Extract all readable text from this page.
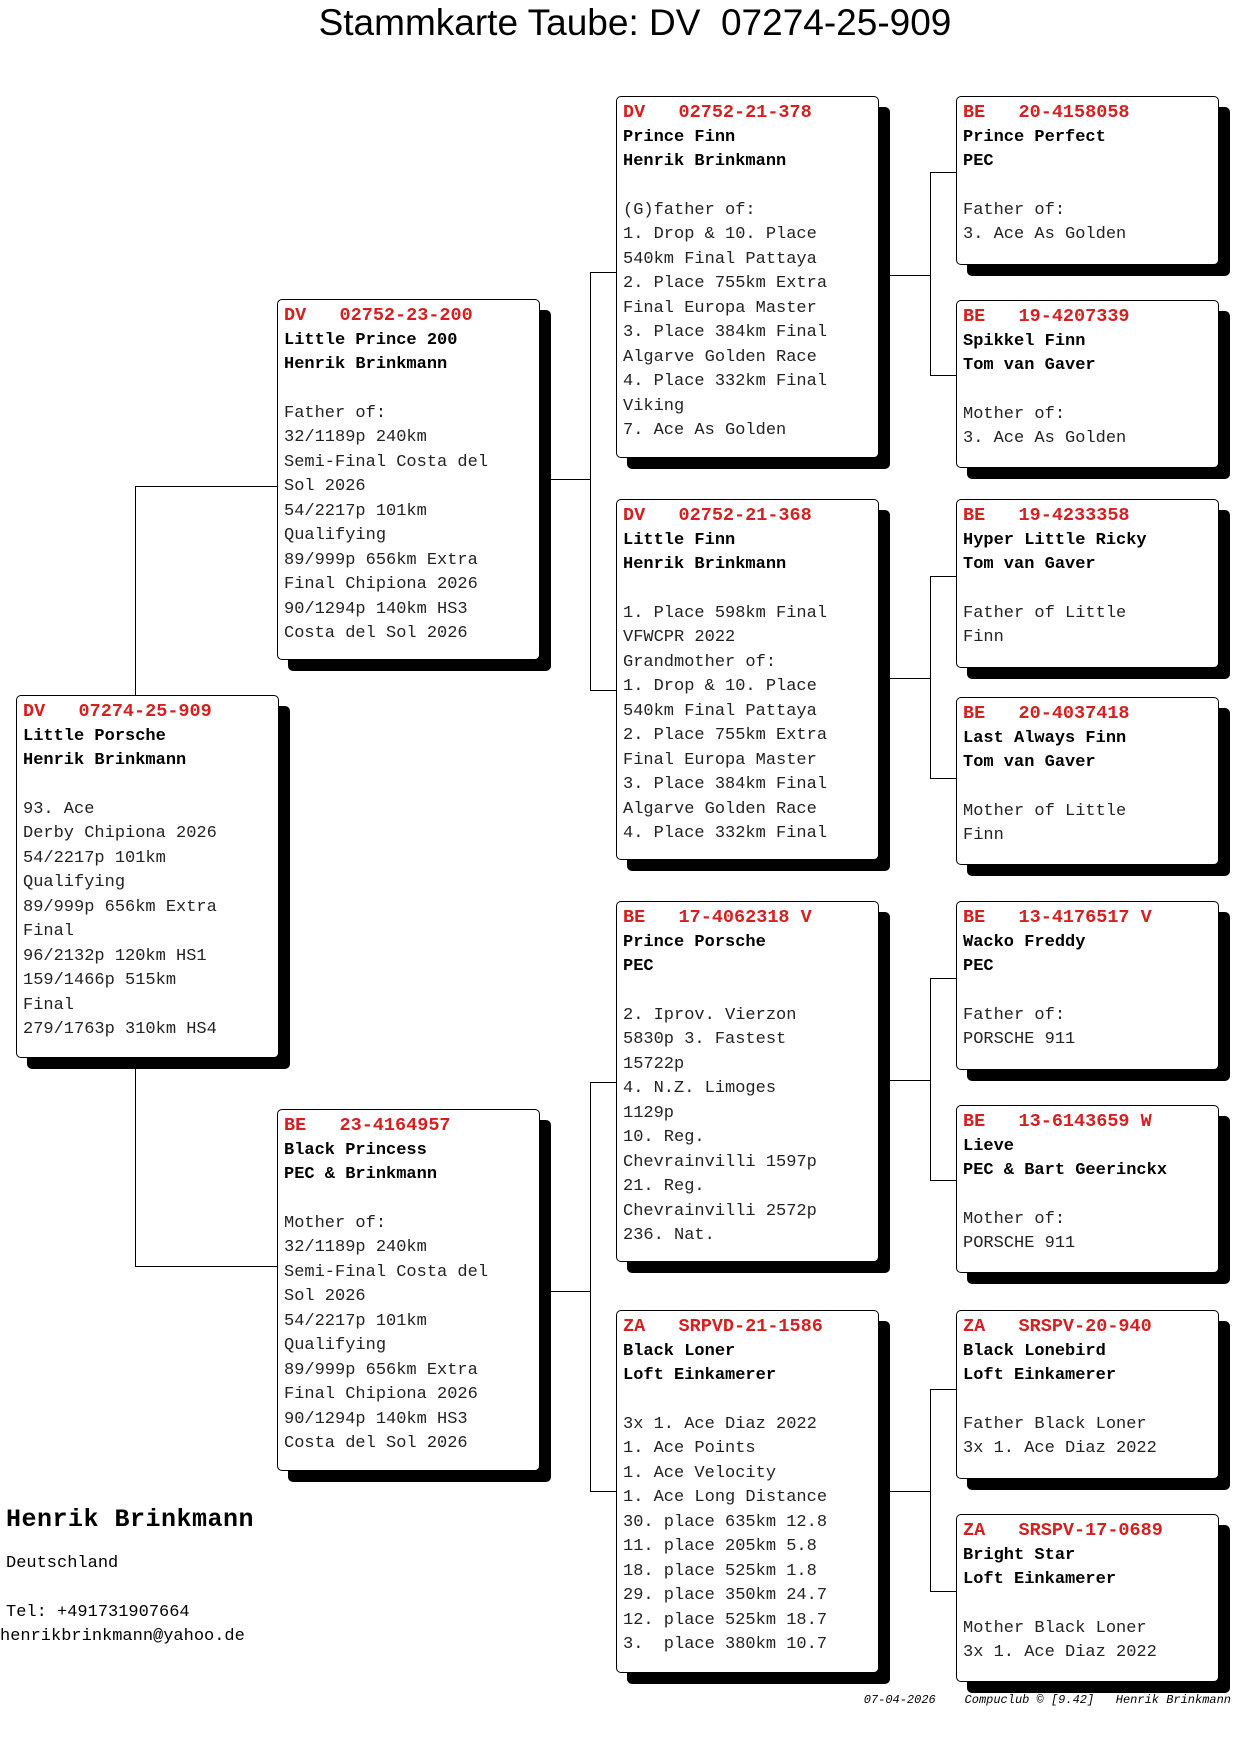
Stammkarte Taube: DV  07274-25-909
DV   07274-25-909
Little Porsche
Henrik Brinkmann
93. Ace
Derby Chipiona 2026
54/2217p 101km
Qualifying
89/999p 656km Extra
Final
96/2132p 120km HS1
159/1466p 515km
Final
279/1763p 310km HS4
DV   02752-23-200
Little Prince 200
Henrik Brinkmann
Father of:
32/1189p 240km
Semi-Final Costa del
Sol 2026
54/2217p 101km
Qualifying
89/999p 656km Extra
Final Chipiona 2026
90/1294p 140km HS3
Costa del Sol 2026
BE   23-4164957
Black Princess
PEC & Brinkmann
Mother of:
32/1189p 240km
Semi-Final Costa del
Sol 2026
54/2217p 101km
Qualifying
89/999p 656km Extra
Final Chipiona 2026
90/1294p 140km HS3
Costa del Sol 2026
DV   02752-21-378
Prince Finn
Henrik Brinkmann
(G)father of:
1. Drop & 10. Place
540km Final Pattaya
2. Place 755km Extra
Final Europa Master
3. Place 384km Final
Algarve Golden Race
4. Place 332km Final
Viking
7. Ace As Golden
DV   02752-21-368
Little Finn
Henrik Brinkmann
1. Place 598km Final
VFWCPR 2022
Grandmother of:
1. Drop & 10. Place
540km Final Pattaya
2. Place 755km Extra
Final Europa Master
3. Place 384km Final
Algarve Golden Race
4. Place 332km Final
BE   17-4062318 V
Prince Porsche
PEC
2. Iprov. Vierzon
5830p 3. Fastest
15722p
4. N.Z. Limoges
1129p
10. Reg.
Chevrainvilli 1597p
21. Reg.
Chevrainvilli 2572p
236. Nat.
ZA   SRPVD-21-1586
Black Loner
Loft Einkamerer
3x 1. Ace Diaz 2022
1. Ace Points
1. Ace Velocity
1. Ace Long Distance
30. place 635km 12.8
11. place 205km 5.8
18. place 525km 1.8
29. place 350km 24.7
12. place 525km 18.7
3.  place 380km 10.7
BE   20-4158058
Prince Perfect
PEC
Father of:
3. Ace As Golden
BE   19-4207339
Spikkel Finn
Tom van Gaver
Mother of:
3. Ace As Golden
BE   19-4233358
Hyper Little Ricky
Tom van Gaver
Father of Little
Finn
BE   20-4037418
Last Always Finn
Tom van Gaver
Mother of Little
Finn
BE   13-4176517 V
Wacko Freddy
PEC
Father of:
PORSCHE 911
BE   13-6143659 W
Lieve
PEC & Bart Geerinckx
Mother of:
PORSCHE 911
ZA   SRSPV-20-940
Black Lonebird
Loft Einkamerer
Father Black Loner
3x 1. Ace Diaz 2022
ZA   SRSPV-17-0689
Bright Star
Loft Einkamerer
Mother Black Loner
3x 1. Ace Diaz 2022
Henrik Brinkmann
Deutschland
Tel: +491731907664
henrikbrinkmann@yahoo.de
07-04-2026 Compuclub © [9.42] Henrik Brinkmann
